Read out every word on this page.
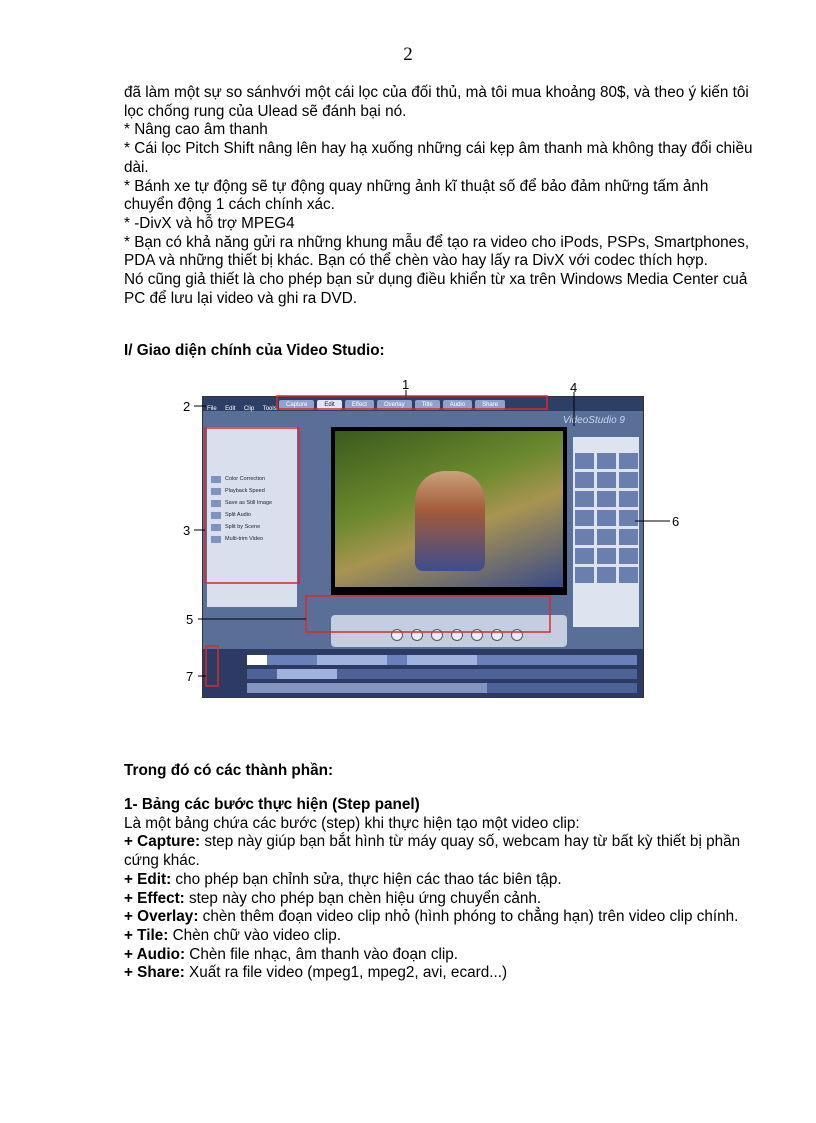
2

đã làm một sự so sánhvới một cái lọc của đối thủ, mà tôi mua khoảng 80$, và theo ý kiến tôi lọc chống rung của Ulead sẽ đánh bại nó.

* Nâng cao âm thanh

* Cái lọc Pitch Shift nâng lên hay hạ xuống những cái kẹp âm thanh mà không thay đổi chiều dài.

* Bánh xe tự động sẽ tự động quay những ảnh kĩ thuật số để bảo đảm những tấm ảnh chuyển động 1 cách chính xác.

* -DivX và hỗ trợ MPEG4

* Bạn có khả năng gửi ra những khung mẫu để tạo ra video cho iPods, PSPs, Smartphones, PDA và những thiết bị khác. Bạn có thể chèn vào hay lấy ra DivX với codec thích hợp.

Nó cũng giả thiết là cho phép bạn sử dụng điều khiển từ xa trên Windows Media Center cuả PC để lưu lại video và ghi ra DVD.

I/ Giao diện chính của Video Studio:
File Edit Clip Tools
Capture	Edit	Effect	Overlay	Title	Audio	Share
VideoStudio 9
Color Correction
Playback Speed
Save as Still Image
Split Audio
Split by Scene
Multi-trim Video
1
2
3
4
5
6
7
Trong đó có các thành phần:

1- Bảng các bước thực hiện (Step panel)

Là một bảng chứa các bước (step) khi thực hiện tạo một video clip:

+ Capture: step này giúp bạn bắt hình từ máy quay số, webcam hay từ bất kỳ thiết bị phần cứng khác.

+ Edit: cho phép bạn chỉnh sửa, thực hiện các thao tác biên tập.

+ Effect: step này cho phép bạn chèn hiệu ứng chuyển cảnh.

+ Overlay: chèn thêm đoạn video clip nhỏ (hình phóng to chẳng hạn) trên video clip chính.

+ Tile: Chèn chữ vào video clip.

+ Audio: Chèn file nhạc, âm thanh vào đoạn clip.

+ Share: Xuất ra file video (mpeg1, mpeg2, avi, ecard...)
